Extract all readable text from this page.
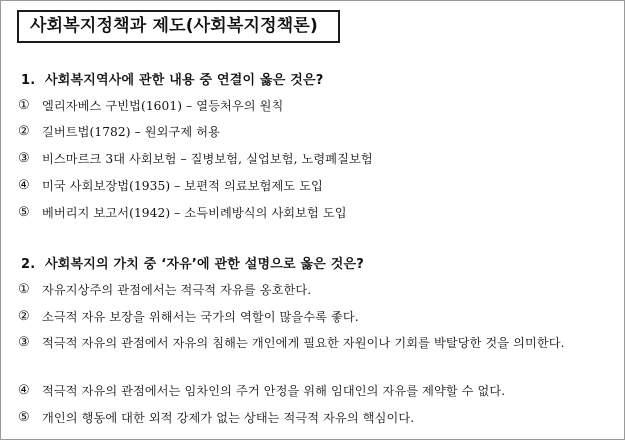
사회복지정책과 제도(사회복지정책론)
1. 사회복지역사에 관한 내용 중 연결이 옳은 것은?
①	엘리자베스 구빈법(1601) – 열등처우의 원칙
②	길버트법(1782) – 원외구제 허용
③	비스마르크 3대 사회보험 – 질병보험, 실업보험, 노령폐질보험
④	미국 사회보장법(1935) – 보편적 의료보험제도 도입
⑤	베버리지 보고서(1942) – 소득비례방식의 사회보험 도입
2. 사회복지의 가치 중 ‘자유’에 관한 설명으로 옳은 것은?
①	자유지상주의 관점에서는 적극적 자유를 옹호한다.
②	소극적 자유 보장을 위해서는 국가의 역할이 많을수록 좋다.
③	적극적 자유의 관점에서 자유의 침해는 개인에게 필요한 자원이나 기회를 박탈당한 것을 의미한다.
④	적극적 자유의 관점에서는 임차인의 주거 안정을 위해 임대인의 자유를 제약할 수 없다.
⑤	개인의 행동에 대한 외적 강제가 없는 상태는 적극적 자유의 핵심이다.
